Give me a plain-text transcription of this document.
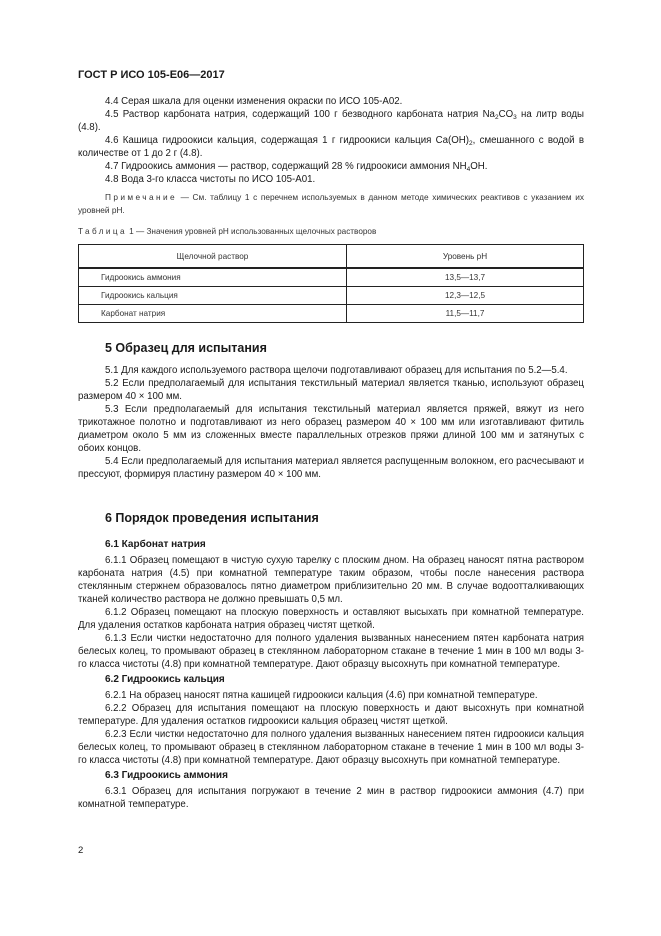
ГОСТ Р ИСО 105-Е06—2017

4.4 Серая шкала для оценки изменения окраски по ИСО 105-А02.

4.5 Раствор карбоната натрия, содержащий 100 г безводного карбоната натрия $Na_2CO_3$ на литр воды (4.8).

4.6 Кашица гидроокиси кальция, содержащая 1 г гидроокиси кальция $Ca(OH)_2$, смешанного с водой в количестве от 1 до 2 г (4.8).

4.7 Гидроокись аммония — раствор, содержащий 28 % гидроокиси аммония $NH_4OH$.

4.8 Вода 3-го класса чистоты по ИСО 105-А01.

Примечание — См. таблицу 1 с перечнем используемых в данном методе химических реактивов с указанием их уровней pH.

Таблица 1 — Значения уровней pH использованных щелочных растворов
Щелочной раствор	Уровень pH
Гидроокись аммония	13,5—13,7
Гидроокись кальция	12,3—12,5
Карбонат натрия	11,5—11,7
5 Образец для испытания

5.1 Для каждого используемого раствора щелочи подготавливают образец для испытания по 5.2—5.4.

5.2 Если предполагаемый для испытания текстильный материал является тканью, используют образец размером 40 × 100 мм.

5.3 Если предполагаемый для испытания текстильный материал является пряжей, вяжут из него трикотажное полотно и подготавливают из него образец размером 40 × 100 мм или изготавливают фитиль диаметром около 5 мм из сложенных вместе параллельных отрезков пряжи длиной 100 мм и затянутых с обоих концов.

5.4 Если предполагаемый для испытания материал является распущенным волокном, его расчесывают и прессуют, формируя пластину размером 40 × 100 мм.

6 Порядок проведения испытания
6.1 Карбонат натрия

6.1.1 Образец помещают в чистую сухую тарелку с плоским дном. На образец наносят пятна раствором карбоната натрия (4.5) при комнатной температуре таким образом, чтобы после нанесения раствора стеклянным стержнем образовалось пятно диаметром приблизительно 20 мм. В случае водоотталкивающих тканей количество раствора не должно превышать 0,5 мл.

6.1.2 Образец помещают на плоскую поверхность и оставляют высыхать при комнатной температуре. Для удаления остатков карбоната натрия образец чистят щеткой.

6.1.3 Если чистки недостаточно для полного удаления вызванных нанесением пятен карбоната натрия белесых колец, то промывают образец в стеклянном лабораторном стакане в течение 1 мин в 100 мл воды 3-го класса чистоты (4.8) при комнатной температуре. Дают образцу высохнуть при комнатной температуре.

6.2 Гидроокись кальция

6.2.1 На образец наносят пятна кашицей гидроокиси кальция (4.6) при комнатной температуре.

6.2.2 Образец для испытания помещают на плоскую поверхность и дают высохнуть при комнатной температуре. Для удаления остатков гидроокиси кальция образец чистят щеткой.

6.2.3 Если чистки недостаточно для полного удаления вызванных нанесением пятен гидроокиси кальция белесых колец, то промывают образец в стеклянном лабораторном стакане в течение 1 мин в 100 мл воды 3-го класса чистоты (4.8) при комнатной температуре. Дают образцу высохнуть при комнатной температуре.

6.3 Гидроокись аммония

6.3.1 Образец для испытания погружают в течение 2 мин в раствор гидроокиси аммония (4.7) при комнатной температуре.

2
